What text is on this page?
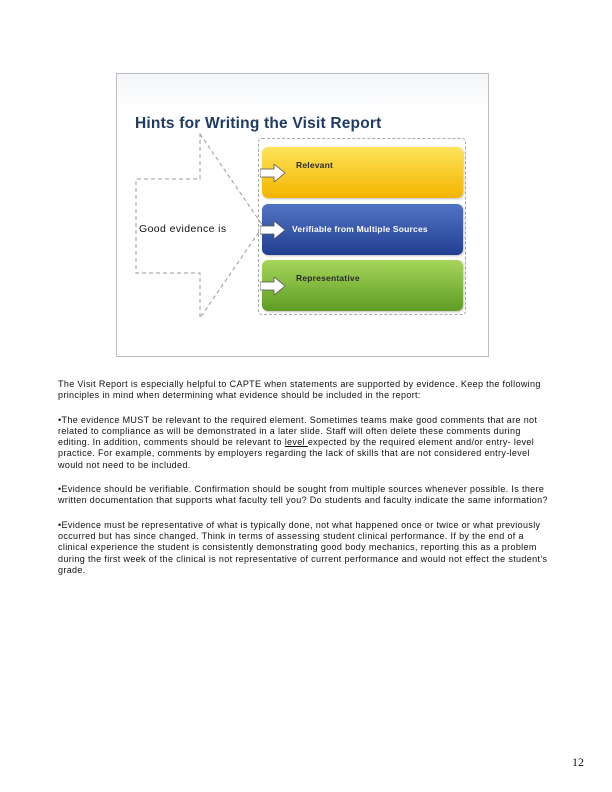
Hints for Writing the Visit Report
Good evidence is
Relevant
Verifiable from Multiple Sources
Representative

The Visit Report is especially helpful to CAPTE when statements are supported by evidence. Keep the following principles in mind when determining what evidence should be included in the report:

•The evidence MUST be relevant to the required element. Sometimes teams make good comments that are not related to compliance as will be demonstrated in a later slide. Staff will often delete these comments during editing. In addition, comments should be relevant to level expected by the required element and/or entry- level practice. For example, comments by employers regarding the lack of skills that are not considered entry-level would not need to be included.

•Evidence should be verifiable. Confirmation should be sought from multiple sources whenever possible. Is there written documentation that supports what faculty tell you? Do students and faculty indicate the same information?

•Evidence must be representative of what is typically done, not what happened once or twice or what previously occurred but has since changed. Think in terms of assessing student clinical performance. If by the end of a clinical experience the student is consistently demonstrating good body mechanics, reporting this as a problem during the first week of the clinical is not representative of current performance and would not effect the student’s grade.

12
